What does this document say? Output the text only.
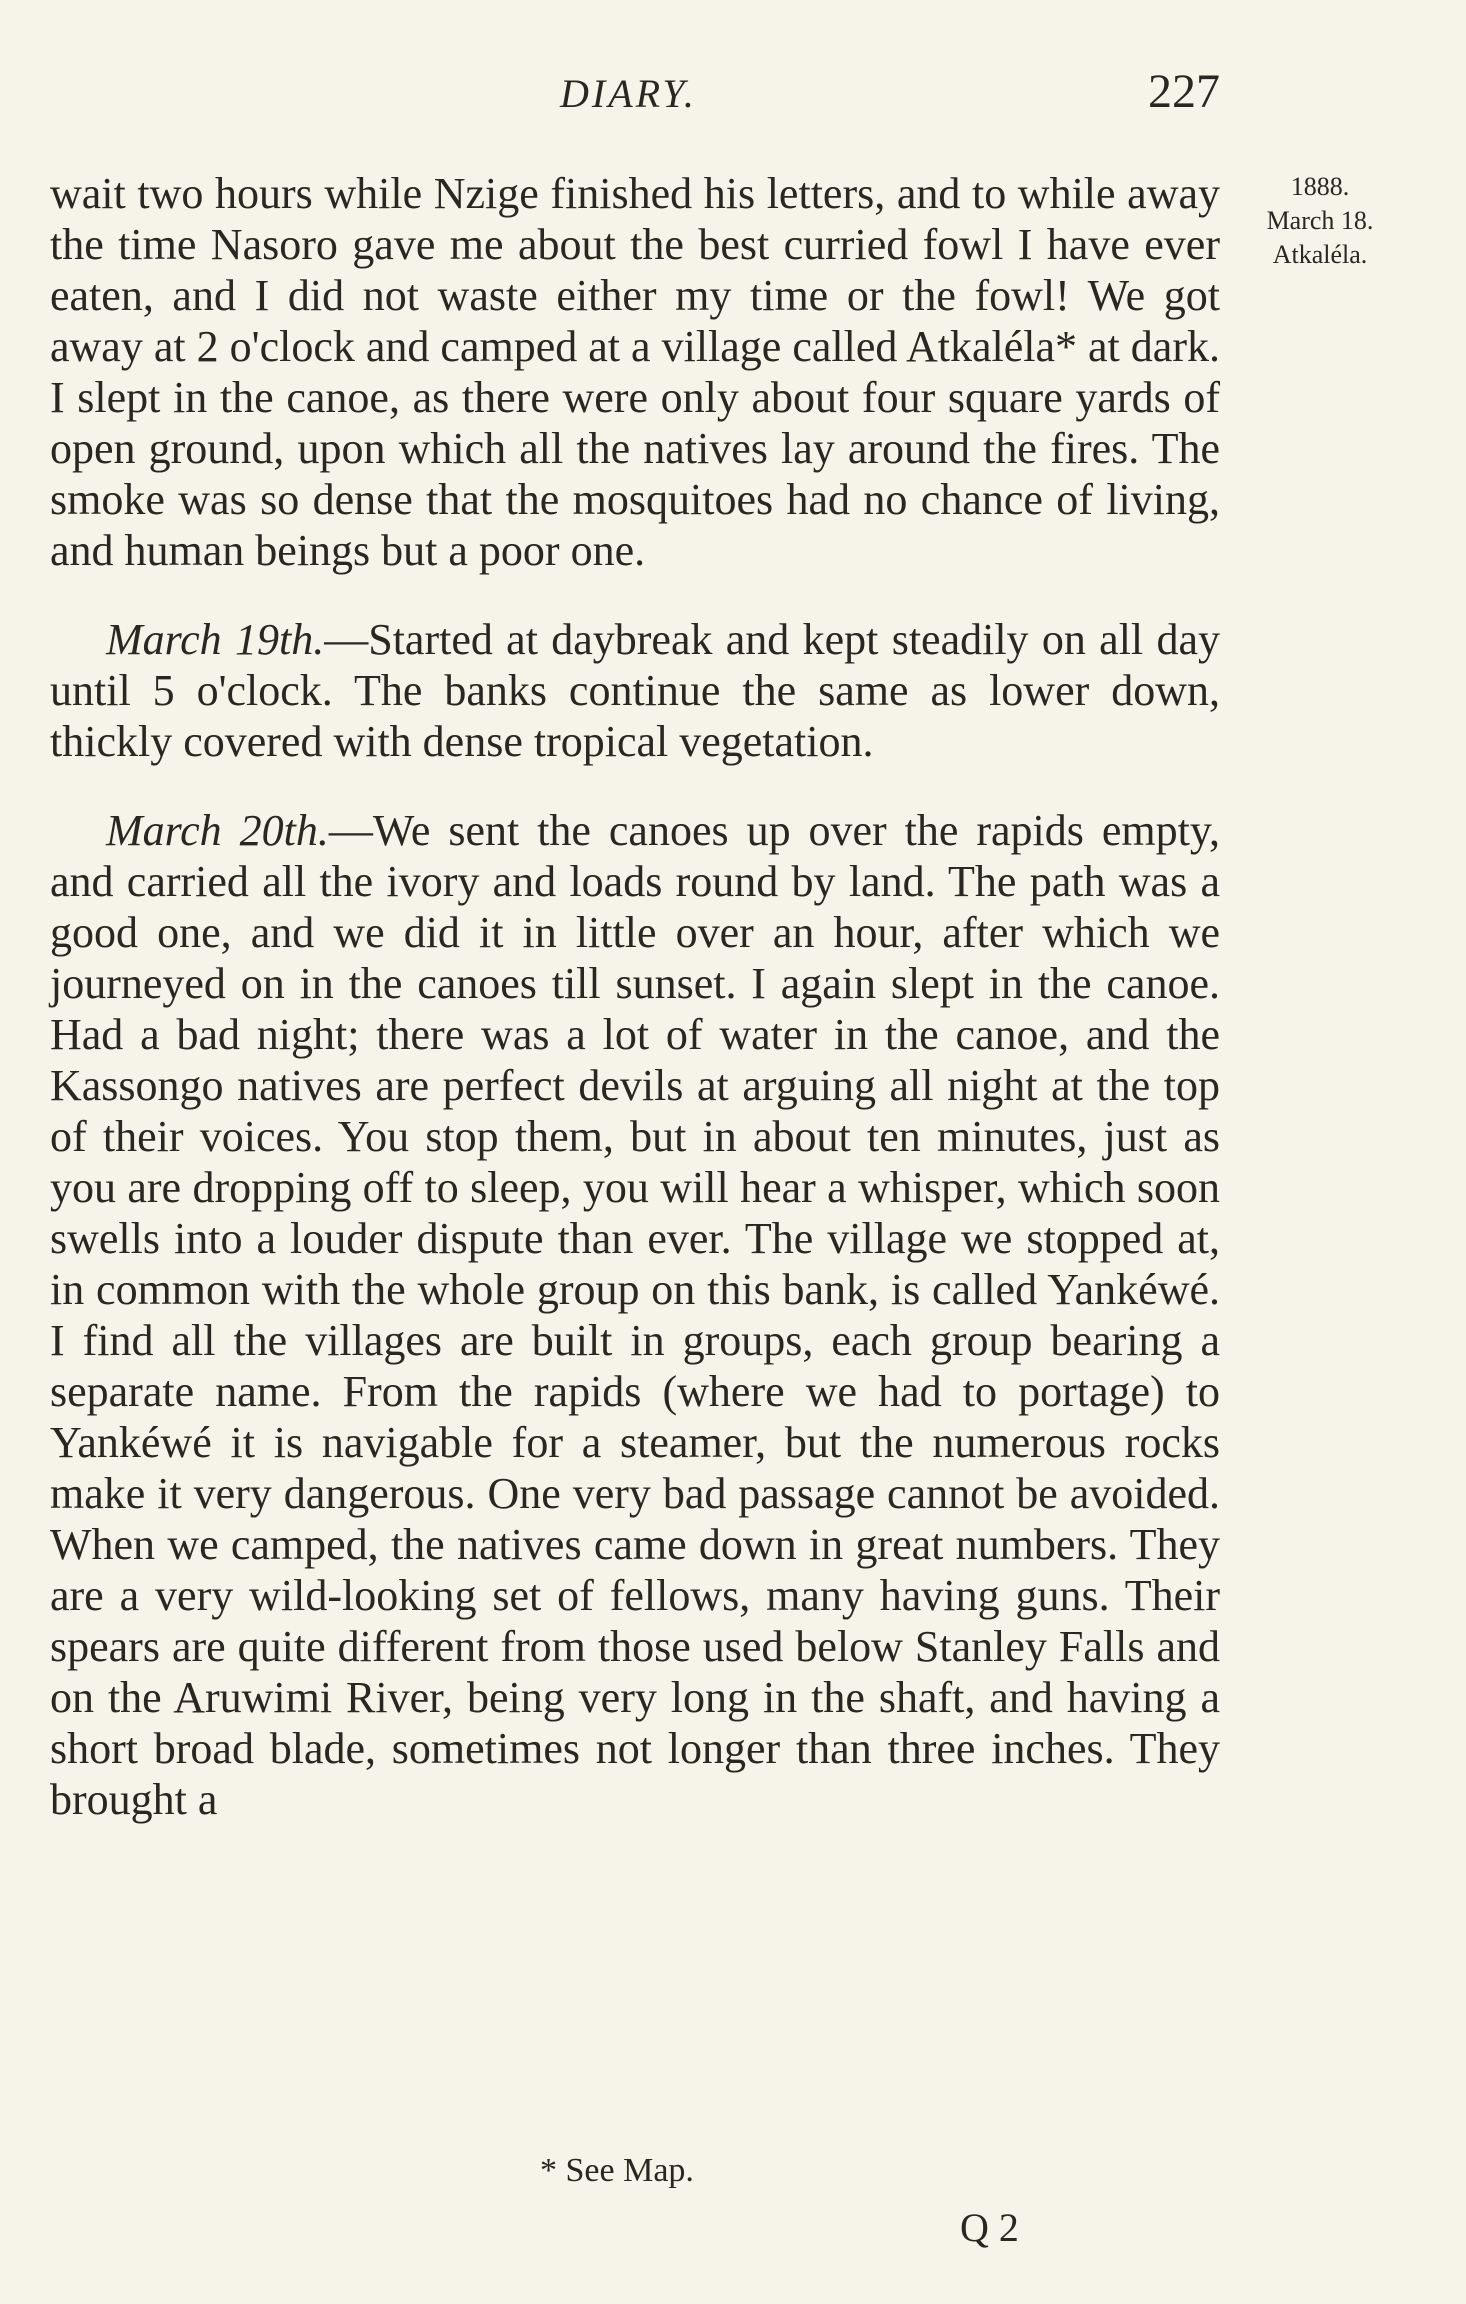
DIARY.	227
1888.
March 18.
Atkaléla.

wait two hours while Nzige finished his letters, and to while away the time Nasoro gave me about the best curried fowl I have ever eaten, and I did not waste either my time or the fowl! We got away at 2 o'clock and camped at a village called Atkaléla* at dark. I slept in the canoe, as there were only about four square yards of open ground, upon which all the natives lay around the fires. The smoke was so dense that the mosquitoes had no chance of living, and human beings but a poor one.

March 19th.—Started at daybreak and kept steadily on all day until 5 o'clock. The banks continue the same as lower down, thickly covered with dense tropical vegetation.

March 20th.—We sent the canoes up over the rapids empty, and carried all the ivory and loads round by land. The path was a good one, and we did it in little over an hour, after which we journeyed on in the canoes till sunset. I again slept in the canoe. Had a bad night; there was a lot of water in the canoe, and the Kassongo natives are perfect devils at arguing all night at the top of their voices. You stop them, but in about ten minutes, just as you are dropping off to sleep, you will hear a whisper, which soon swells into a louder dispute than ever. The village we stopped at, in common with the whole group on this bank, is called Yankéwé. I find all the villages are built in groups, each group bearing a separate name. From the rapids (where we had to portage) to Yankéwé it is navigable for a steamer, but the numerous rocks make it very dangerous. One very bad passage cannot be avoided. When we camped, the natives came down in great numbers. They are a very wild-looking set of fellows, many having guns. Their spears are quite different from those used below Stanley Falls and on the Aruwimi River, being very long in the shaft, and having a short broad blade, sometimes not longer than three inches. They brought a

* See Map.
Q 2
